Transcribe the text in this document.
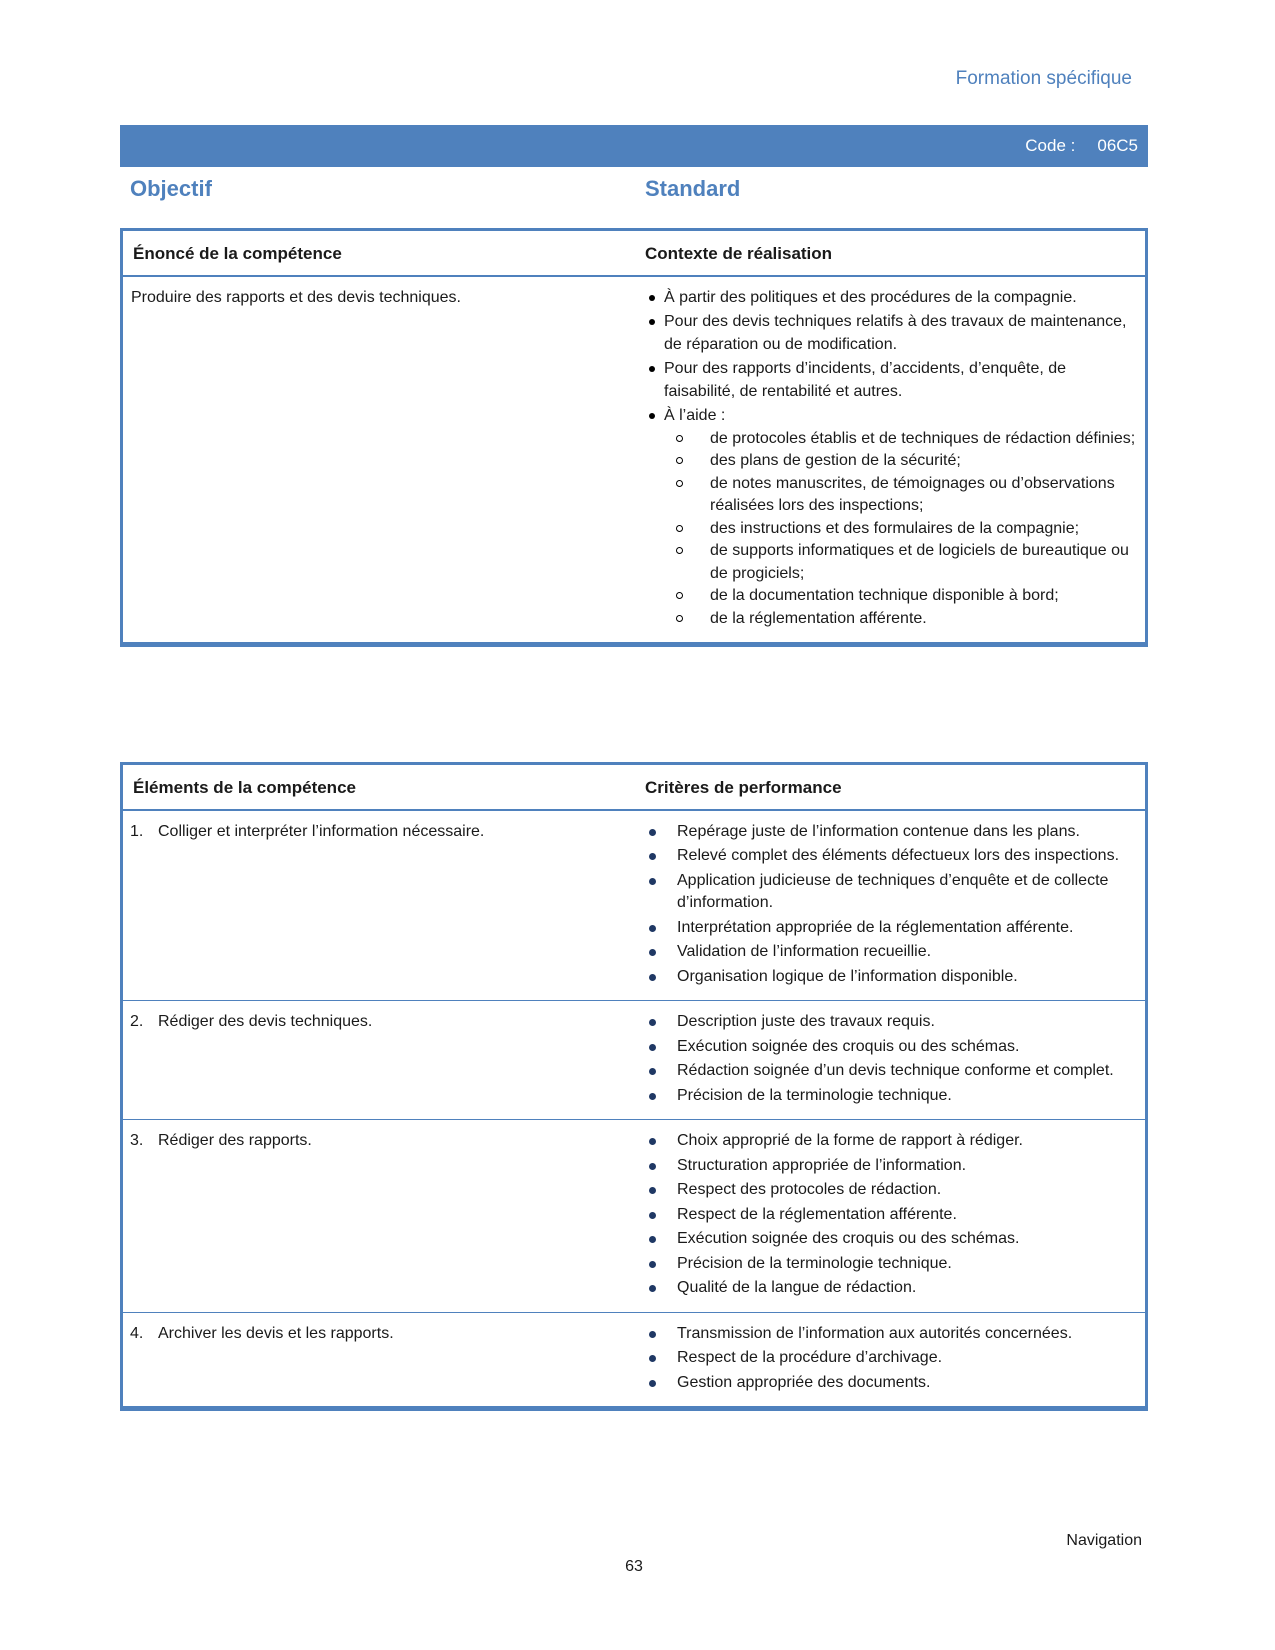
Formation spécifique
Code : 06C5
Objectif	Standard
Énoncé de la compétence	Contexte de réalisation
Produire des rapports et des devis techniques.	À partir des politiques et des procédures de la compagnie.
Pour des devis techniques relatifs à des travaux de maintenance, de réparation ou de modification.
Pour des rapports d’incidents, d’accidents, d’enquête, de faisabilité, de rentabilité et autres.
À l’aide :
de protocoles établis et de techniques de rédaction définies;
des plans de gestion de la sécurité;
de notes manuscrites, de témoignages ou d’observations réalisées lors des inspections;
des instructions et des formulaires de la compagnie;
de supports informatiques et de logiciels de bureautique ou de progiciels;
de la documentation technique disponible à bord;
de la réglementation afférente.
Éléments de la compétence	Critères de performance
1. Colliger et interpréter l’information nécessaire.	Repérage juste de l’information contenue dans les plans.
Relevé complet des éléments défectueux lors des inspections.
Application judicieuse de techniques d’enquête et de collecte d’information.
Interprétation appropriée de la réglementation afférente.
Validation de l’information recueillie.
Organisation logique de l’information disponible.
2. Rédiger des devis techniques.	Description juste des travaux requis.
Exécution soignée des croquis ou des schémas.
Rédaction soignée d’un devis technique conforme et complet.
Précision de la terminologie technique.
3. Rédiger des rapports.	Choix approprié de la forme de rapport à rédiger.
Structuration appropriée de l’information.
Respect des protocoles de rédaction.
Respect de la réglementation afférente.
Exécution soignée des croquis ou des schémas.
Précision de la terminologie technique.
Qualité de la langue de rédaction.
4. Archiver les devis et les rapports.	Transmission de l’information aux autorités concernées.
Respect de la procédure d’archivage.
Gestion appropriée des documents.
Navigation
63
